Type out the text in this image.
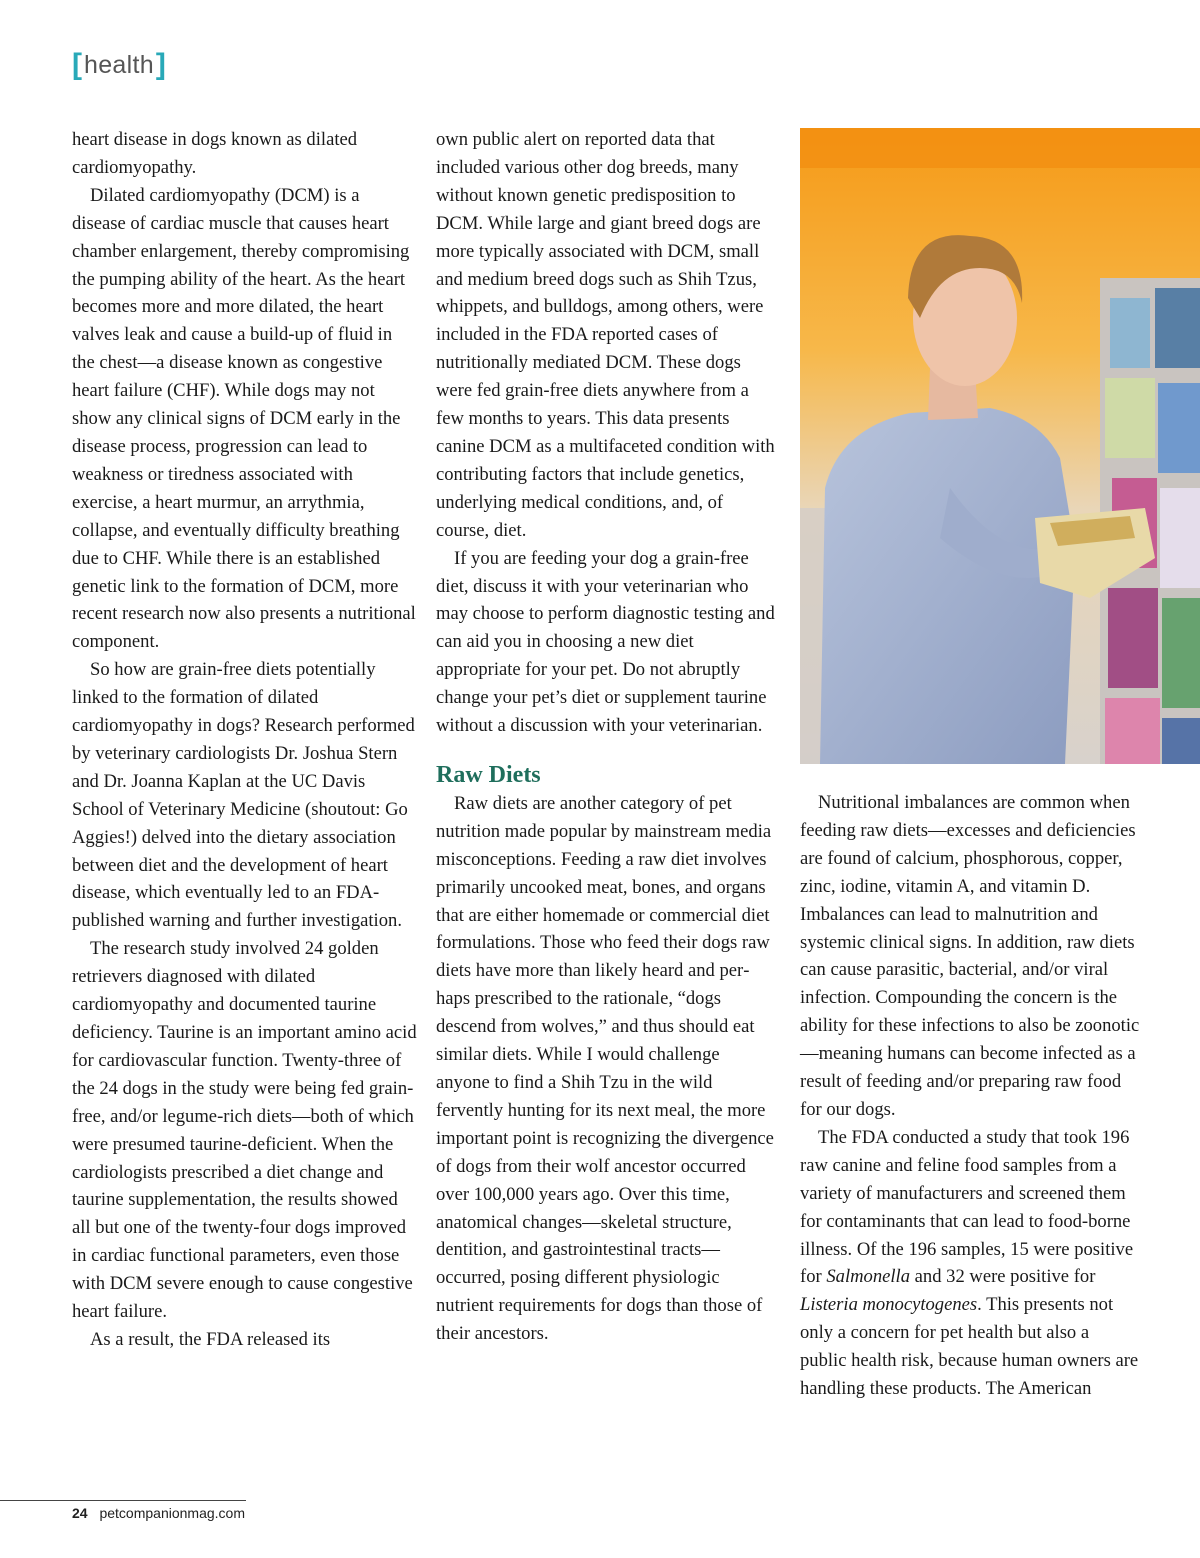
[ health ]

heart disease in dogs known as dilated cardiomyopathy.

Dilated cardiomyopathy (DCM) is a disease of cardiac muscle that causes heart chamber enlargement, thereby compromising the pumping ability of the heart. As the heart becomes more and more dilated, the heart valves leak and cause a build-up of fluid in the chest—a disease known as congestive heart failure (CHF). While dogs may not show any clinical signs of DCM early in the disease process, progression can lead to weakness or tiredness associated with exercise, a heart murmur, an arrythmia, collapse, and eventually difficulty breathing due to CHF. While there is an established genetic link to the formation of DCM, more recent research now also presents a nutritional component.

So how are grain-free diets potentially linked to the formation of dilated cardiomyopathy in dogs? Research performed by veterinary cardiologists Dr. Joshua Stern and Dr. Joanna Kaplan at the UC Davis School of Veterinary Medicine (shoutout: Go Aggies!) delved into the dietary association between diet and the development of heart disease, which eventually led to an FDA-published warning and further investigation.

The research study involved 24 golden retrievers diagnosed with dilated cardiomyopathy and documented taurine deficiency. Taurine is an important amino acid for cardiovascular function. Twenty-three of the 24 dogs in the study were being fed grain-free, and/or legume-rich diets—both of which were presumed taurine-deficient. When the cardiologists prescribed a diet change and taurine supplementation, the results showed all but one of the twenty-four dogs improved in cardiac functional parameters, even those with DCM severe enough to cause congestive heart failure.

As a result, the FDA released its

own public alert on reported data that included various other dog breeds, many without known genetic predisposition to DCM. While large and giant breed dogs are more typically associated with DCM, small and medium breed dogs such as Shih Tzus, whippets, and bulldogs, among others, were included in the FDA reported cases of nutritionally mediated DCM. These dogs were fed grain-free diets anywhere from a few months to years. This data presents canine DCM as a multifaceted condition with contributing factors that include genetics, underlying medical conditions, and, of course, diet.

If you are feeding your dog a grain-free diet, discuss it with your veterinarian who may choose to perform diagnostic testing and can aid you in choosing a new diet appropriate for your pet. Do not abruptly change your pet’s diet or supplement taurine without a discussion with your veterinarian.

Raw Diets

Raw diets are another category of pet nutrition made popular by mainstream media misconceptions. Feeding a raw diet involves primarily uncooked meat, bones, and organs that are either homemade or commercial diet formulations. Those who feed their dogs raw diets have more than likely heard and perhaps prescribed to the rationale, “dogs descend from wolves,” and thus should eat similar diets. While I would challenge anyone to find a Shih Tzu in the wild fervently hunting for its next meal, the more important point is recognizing the divergence of dogs from their wolf ancestor occurred over 100,000 years ago. Over this time, anatomical changes—skeletal structure, dentition, and gastrointestinal tracts—occurred, posing different physiologic nutrient requirements for dogs than those of their ancestors.

Nutritional imbalances are common when feeding raw diets—excesses and deficiencies are found of calcium, phosphorous, copper, zinc, iodine, vitamin A, and vitamin D. Imbalances can lead to malnutrition and systemic clinical signs. In addition, raw diets can cause parasitic, bacterial, and/or viral infection. Compounding the concern is the ability for these infections to also be zoonotic—meaning humans can become infected as a result of feeding and/or preparing raw food for our dogs.

The FDA conducted a study that took 196 raw canine and feline food samples from a variety of manufacturers and screened them for contaminants that can lead to food-borne illness. Of the 196 samples, 15 were positive for Salmonella and 32 were positive for Listeria monocytogenes. This presents not only a concern for pet health but also a public health risk, because human owners are handling these products. The American

24 petcompanionmag.com
